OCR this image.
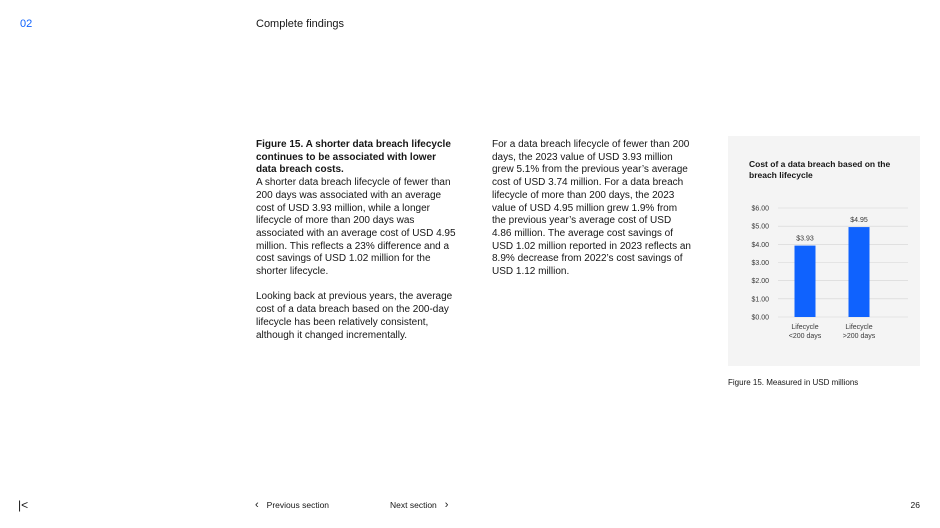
02	Complete findings

Figure 15. A shorter data breach lifecycle continues to be associated with lower data breach costs.
A shorter data breach lifecycle of fewer than 200 days was associated with an average cost of USD 3.93 million, while a longer lifecycle of more than 200 days was associated with an average cost of USD 4.95 million. This reflects a 23% difference and a cost savings of USD 1.02 million for the shorter lifecycle.

Looking back at previous years, the average cost of a data breach based on the 200-day lifecycle has been relatively consistent, although it changed incrementally.

For a data breach lifecycle of fewer than 200 days, the 2023 value of USD 3.93 million grew 5.1% from the previous year’s average cost of USD 3.74 million. For a data breach lifecycle of more than 200 days, the 2023 value of USD 4.95 million grew 1.9% from the previous year’s average cost of USD 4.86 million. The average cost savings of USD 1.02 million reported in 2023 reflects an 8.9% decrease from 2022’s cost savings of USD 1.12 million.

$0.00
$1.00
$2.00
$3.00
$4.00
$5.00
$6.00
$3.93
Lifecycle
<200 days
$4.95
Lifecycle
>200 days
Cost of a data breach based on the breach lifecycle
Figure 15. Measured in USD millions
|<	‹ Previous section	Next section ›	26
